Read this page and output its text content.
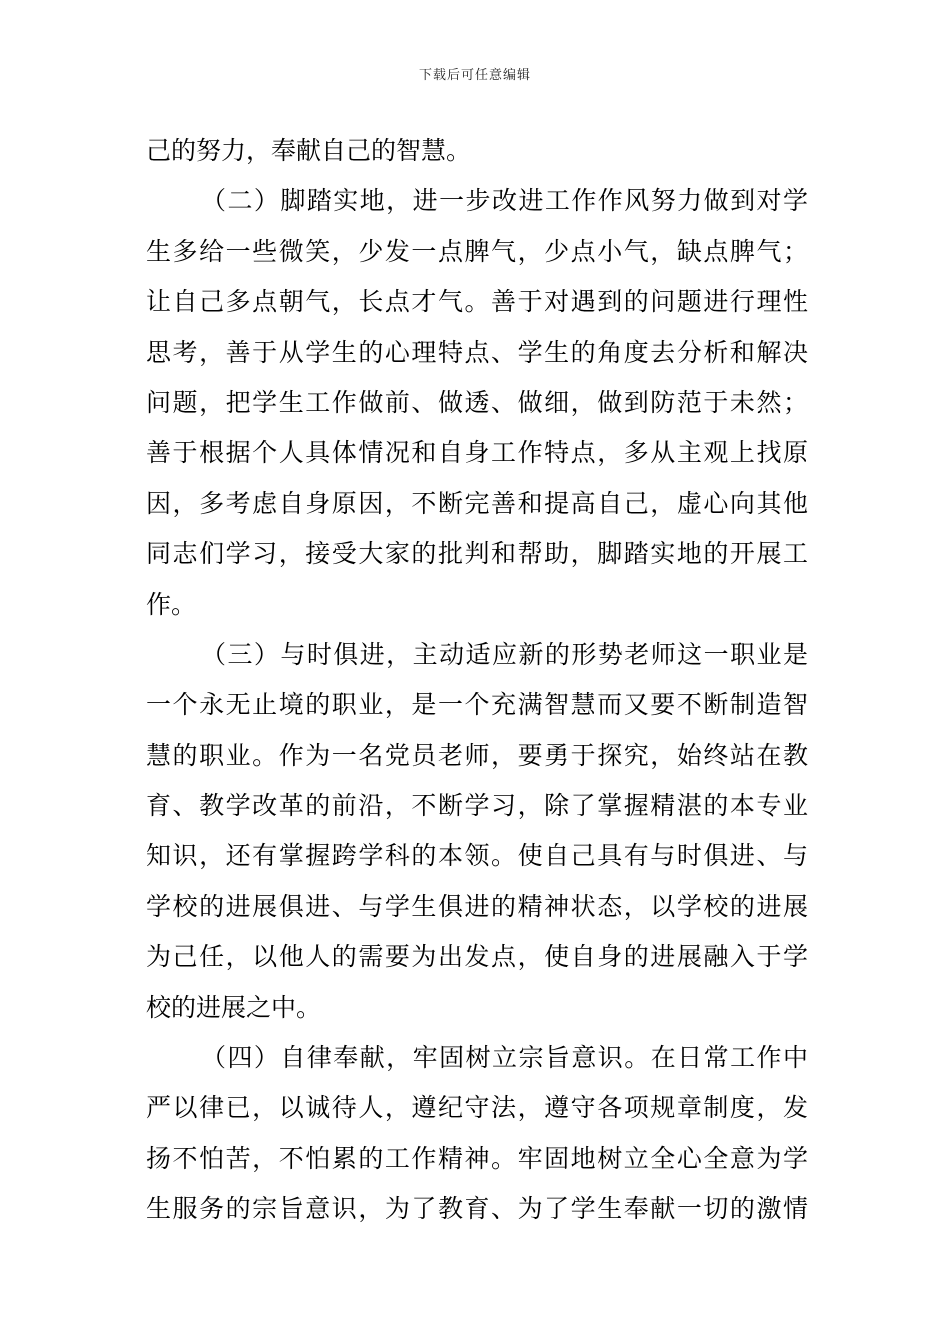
下载后可任意编辑
己的努力，奉献自己的智慧。
（二）脚踏实地，进一步改进工作作风努力做到对学
生多给一些微笑，少发一点脾气，少点小气，缺点脾气；
让自己多点朝气，长点才气。善于对遇到的问题进行理性
思考，善于从学生的心理特点、学生的角度去分析和解决
问题，把学生工作做前、做透、做细，做到防范于未然；
善于根据个人具体情况和自身工作特点，多从主观上找原
因，多考虑自身原因，不断完善和提高自己，虚心向其他
同志们学习，接受大家的批判和帮助，脚踏实地的开展工
作。
（三）与时俱进，主动适应新的形势老师这一职业是
一个永无止境的职业，是一个充满智慧而又要不断制造智
慧的职业。作为一名党员老师，要勇于探究，始终站在教
育、教学改革的前沿，不断学习，除了掌握精湛的本专业
知识，还有掌握跨学科的本领。使自己具有与时俱进、与
学校的进展俱进、与学生俱进的精神状态，以学校的进展
为己任，以他人的需要为出发点，使自身的进展融入于学
校的进展之中。
（四）自律奉献，牢固树立宗旨意识。在日常工作中
严以律已，以诚待人，遵纪守法，遵守各项规章制度，发
扬不怕苦，不怕累的工作精神。牢固地树立全心全意为学
生服务的宗旨意识，为了教育、为了学生奉献一切的激情
